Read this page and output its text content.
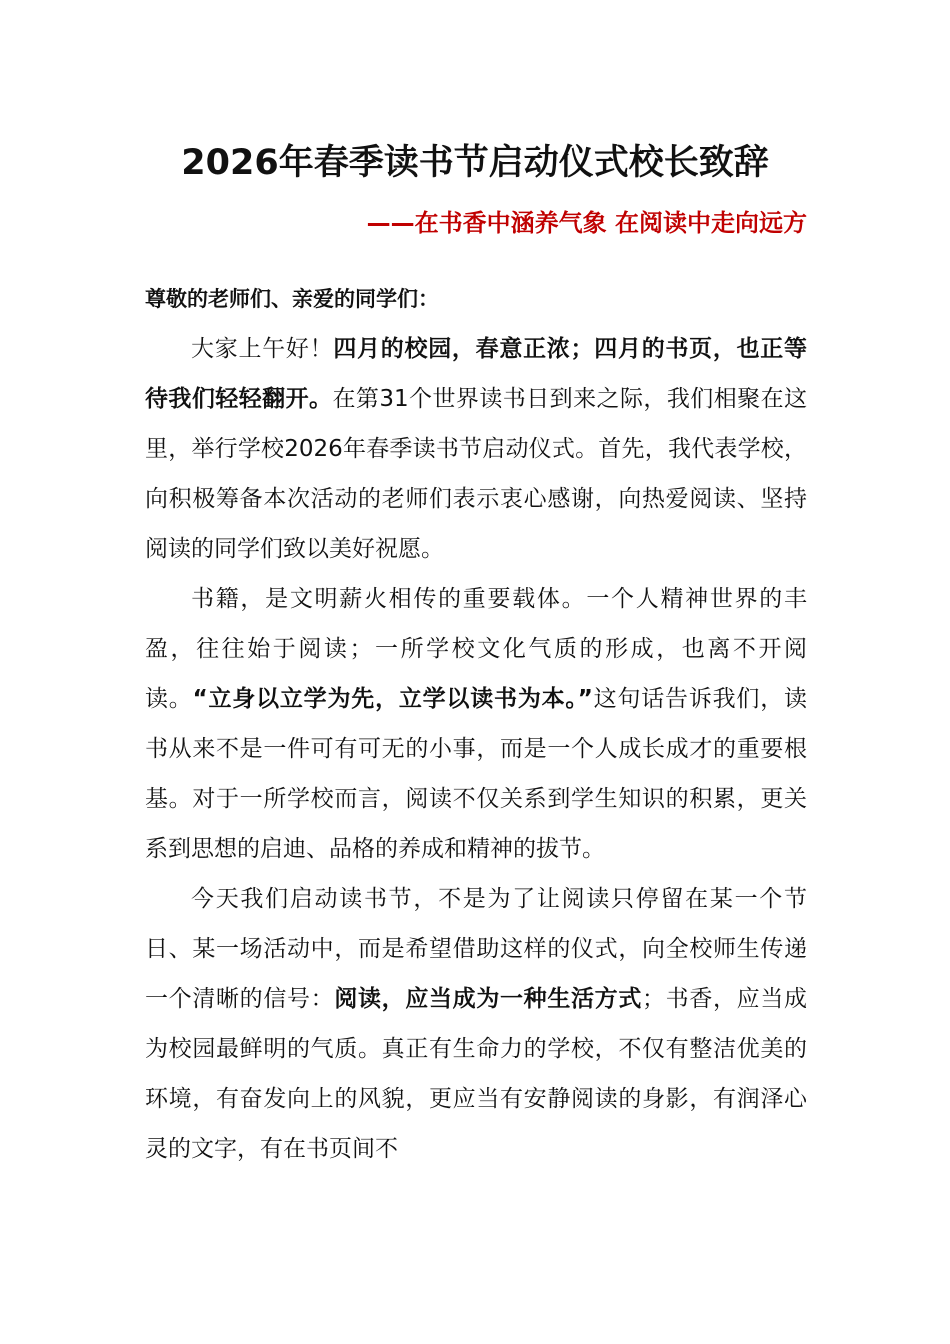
2026年春季读书节启动仪式校长致辞
——在书香中涵养气象 在阅读中走向远方

尊敬的老师们、亲爱的同学们：

大家上午好！四月的校园，春意正浓；四月的书页，也正等待我们轻轻翻开。在第31个世界读书日到来之际，我们相聚在这里，举行学校2026年春季读书节启动仪式。首先，我代表学校，向积极筹备本次活动的老师们表示衷心感谢，向热爱阅读、坚持阅读的同学们致以美好祝愿。

书籍，是文明薪火相传的重要载体。一个人精神世界的丰盈，往往始于阅读；一所学校文化气质的形成，也离不开阅读。“立身以立学为先，立学以读书为本。”这句话告诉我们，读书从来不是一件可有可无的小事，而是一个人成长成才的重要根基。对于一所学校而言，阅读不仅关系到学生知识的积累，更关系到思想的启迪、品格的养成和精神的拔节。

今天我们启动读书节，不是为了让阅读只停留在某一个节日、某一场活动中，而是希望借助这样的仪式，向全校师生传递一个清晰的信号：阅读，应当成为一种生活方式；书香，应当成为校园最鲜明的气质。真正有生命力的学校，不仅有整洁优美的环境，有奋发向上的风貌，更应当有安静阅读的身影，有润泽心灵的文字，有在书页间不
